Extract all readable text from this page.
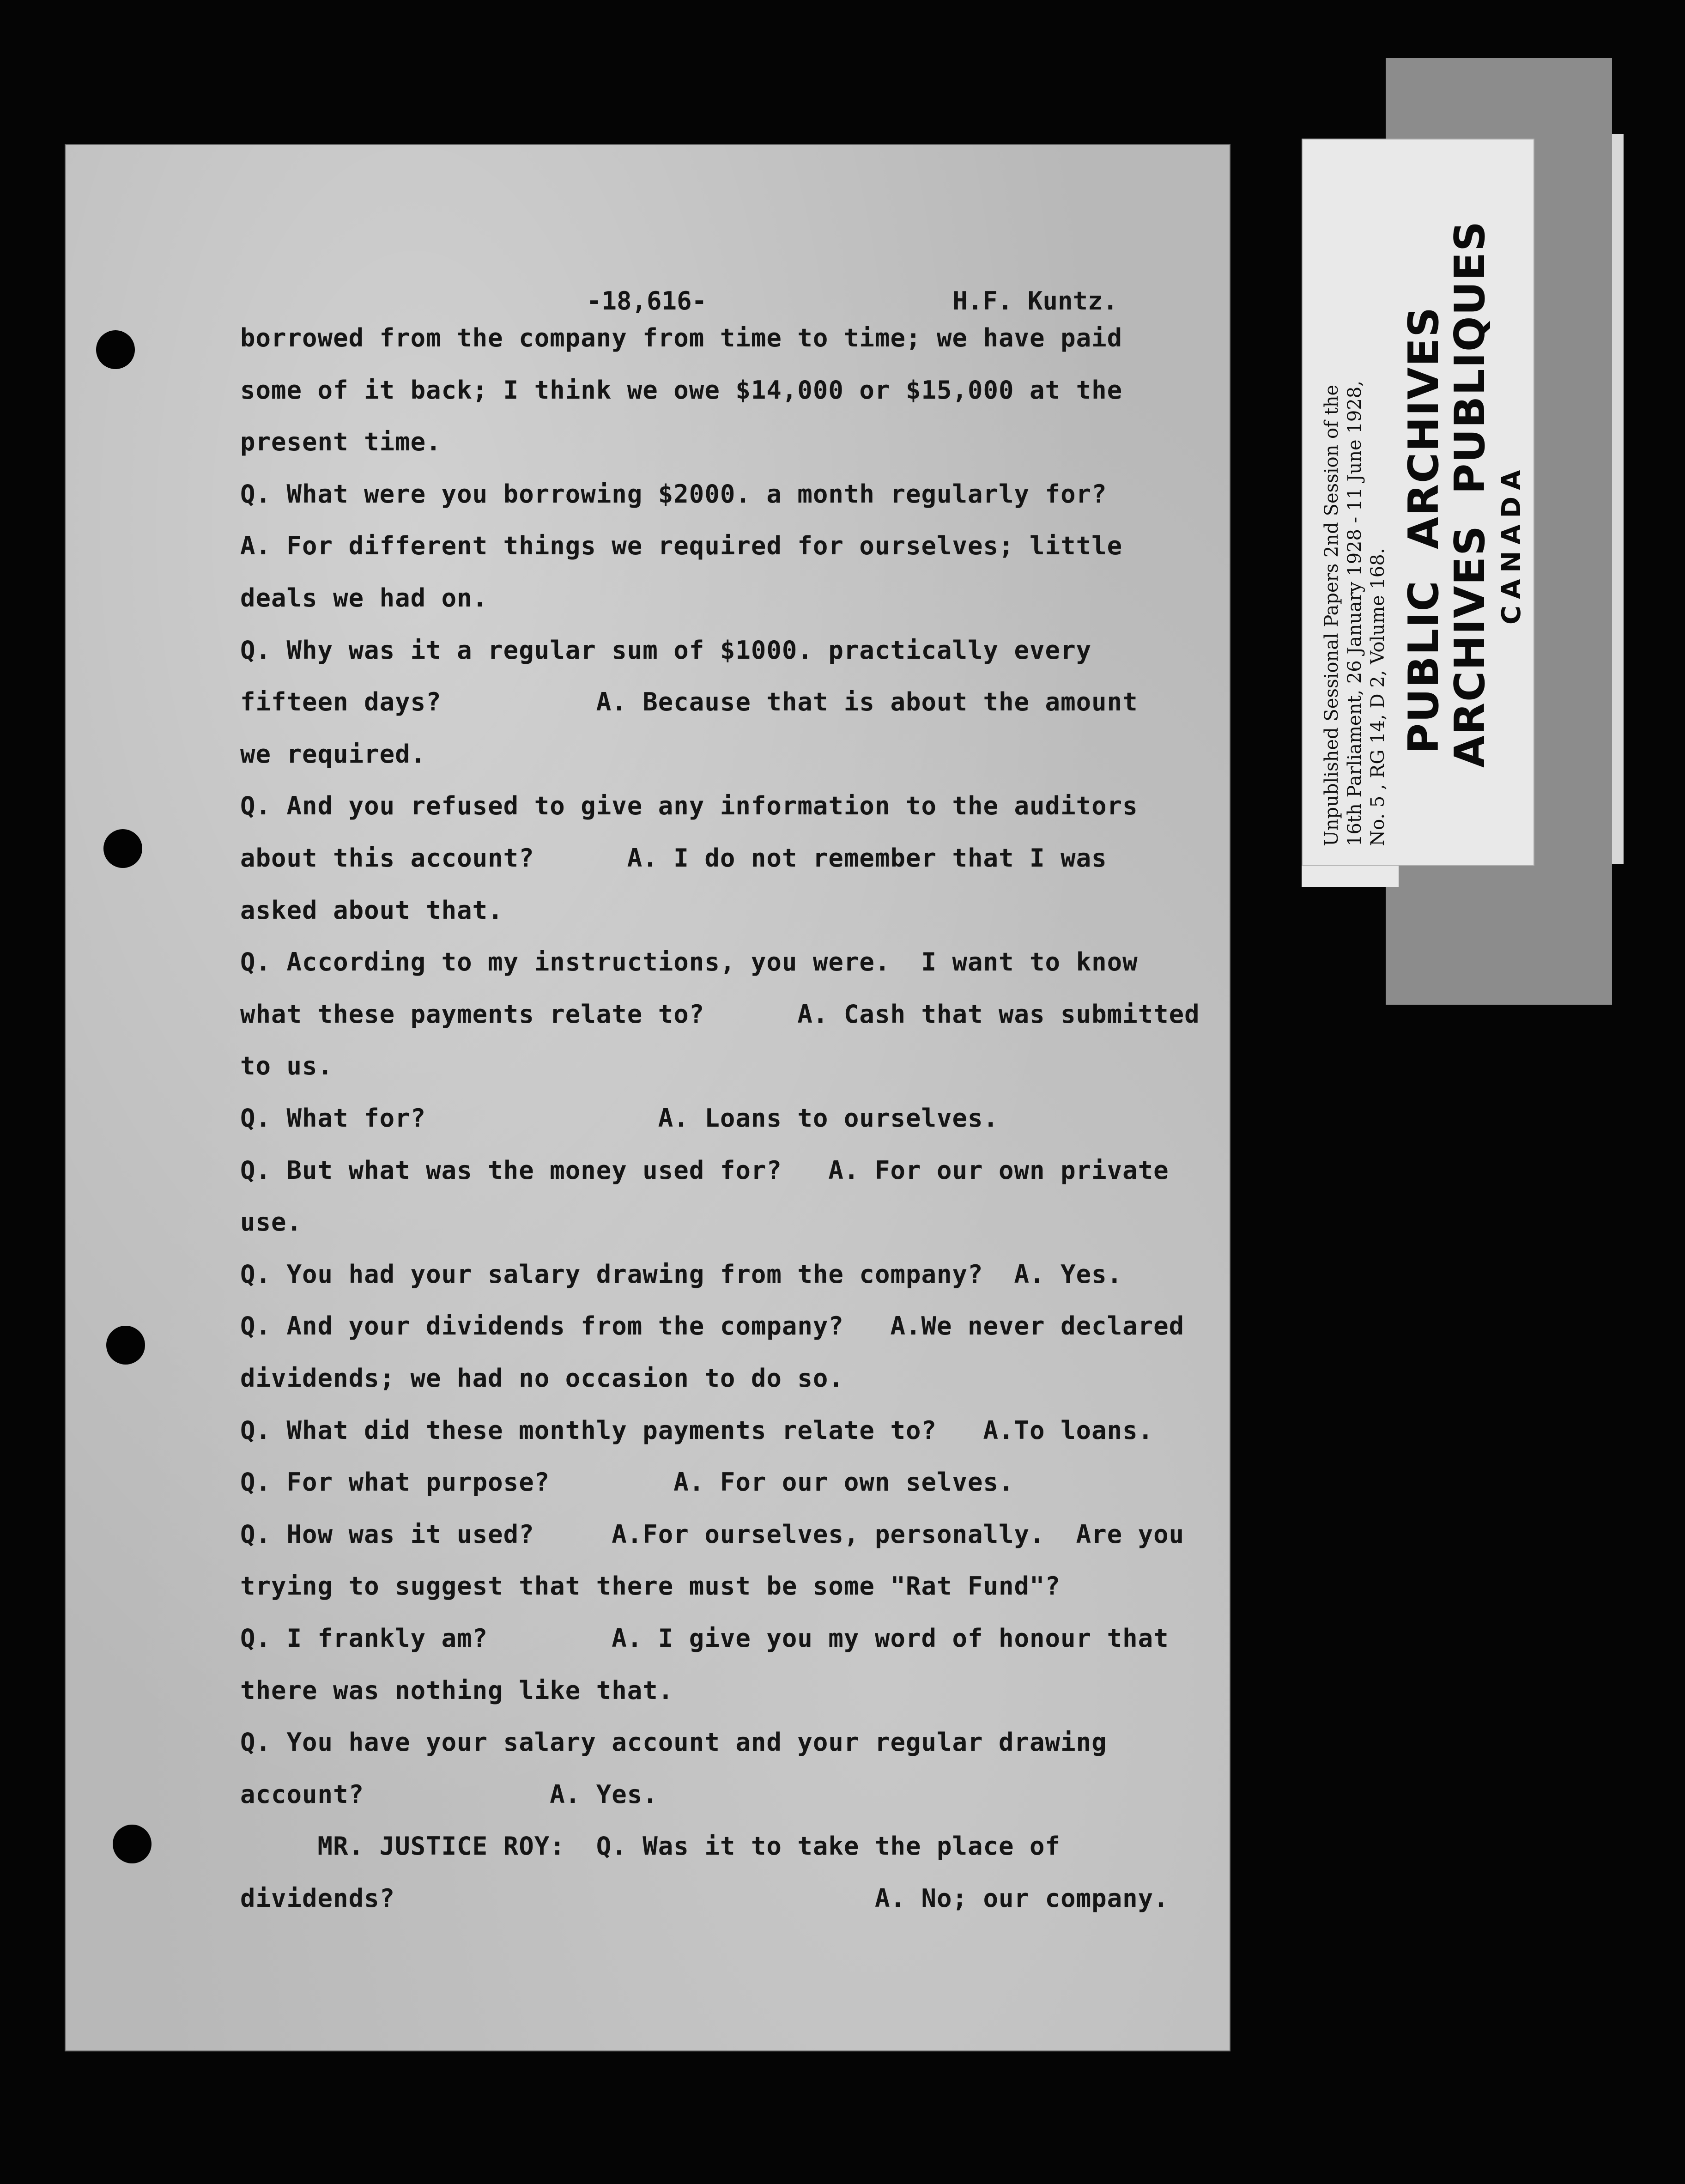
-18,616-	H.F. Kuntz.

borrowed from the company from time to time; we have paid

some of it back; I think we owe $14,000 or $15,000 at the

present time.

Q. What were you borrowing $2000. a month regularly for?

A. For different things we required for ourselves; little

deals we had on.

Q. Why was it a regular sum of $1000. practically every

fifteen days?          A. Because that is about the amount

we required.

Q. And you refused to give any information to the auditors

about this account?      A. I do not remember that I was

asked about that.

Q. According to my instructions, you were.  I want to know

what these payments relate to?      A. Cash that was submitted

to us.

Q. What for?               A. Loans to ourselves.

Q. But what was the money used for?   A. For our own private

use.

Q. You had your salary drawing from the company?  A. Yes.

Q. And your dividends from the company?   A.We never declared

dividends; we had no occasion to do so.

Q. What did these monthly payments relate to?   A.To loans.

Q. For what purpose?        A. For our own selves.

Q. How was it used?     A.For ourselves, personally.  Are you

trying to suggest that there must be some "Rat Fund"?

Q. I frankly am?        A. I give you my word of honour that

there was nothing like that.

Q. You have your salary account and your regular drawing

account?            A. Yes.

MR. JUSTICE ROY:  Q. Was it to take the place of

dividends?                               A. No; our company.

Unpublished Sessional Papers 2nd Session of the 16th Parliament, 26 January 1928 - 11 June 1928, No. 5 , RG 14, D 2, Volume 168. PUBLIC  ARCHIVES

ARCHIVES  PUBLIQUES CANADA
